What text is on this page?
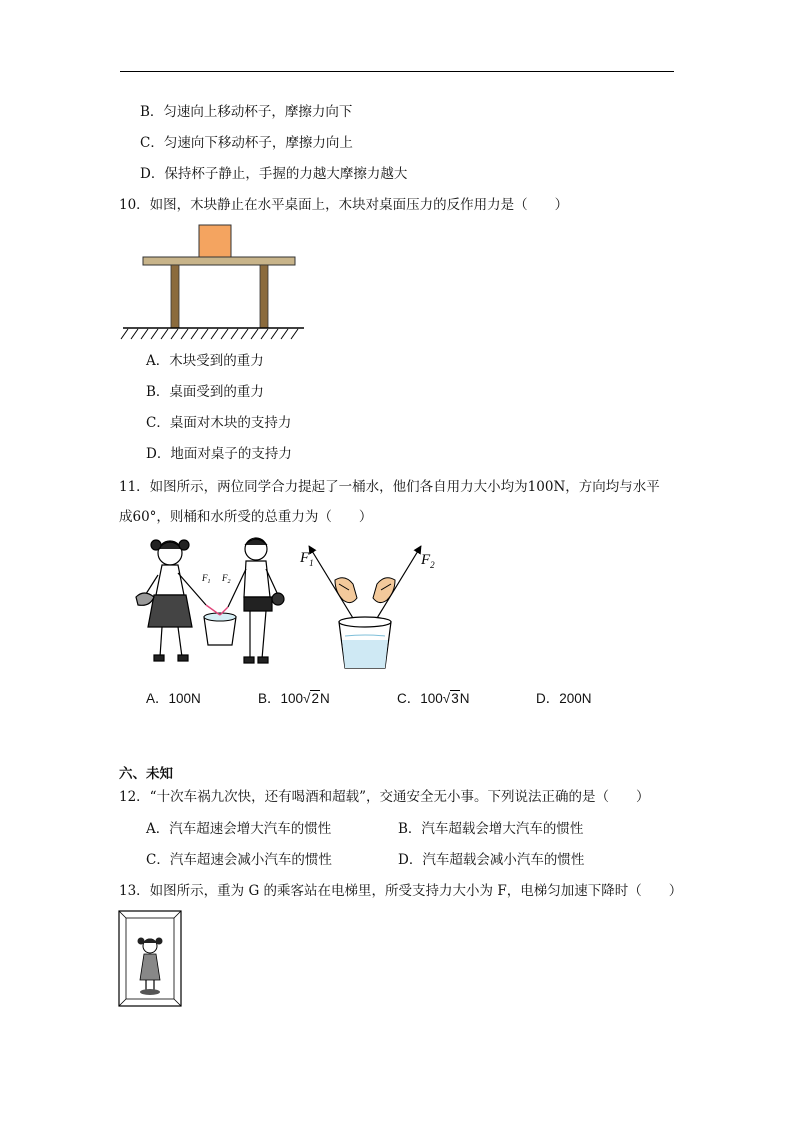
B．匀速向上移动杯子，摩擦力向下
C．匀速向下移动杯子，摩擦力向上
D．保持杯子静止，手握的力越大摩擦力越大
10．如图，木块静止在水平桌面上，木块对桌面压力的反作用力是（　　）
A．木块受到的重力
B．桌面受到的重力
C．桌面对木块的支持力
D．地面对桌子的支持力
11．如图所示，两位同学合力提起了一桶水，他们各自用力大小均为100N，方向均与水平
成60°，则桶和水所受的总重力为（　　）
$F_1$ $F_2$
$F_1$	$F_2$
A．100N	B．100√2N	C．100√3N	D．200N
六、未知
12．“十次车祸九次快，还有喝酒和超载”，交通安全无小事。下列说法正确的是（　　）
A．汽车超速会增大汽车的惯性	B．汽车超载会增大汽车的惯性
C．汽车超速会减小汽车的惯性	D．汽车超载会减小汽车的惯性
13．如图所示，重为 G 的乘客站在电梯里，所受支持力大小为 F，电梯匀加速下降时（　　）
